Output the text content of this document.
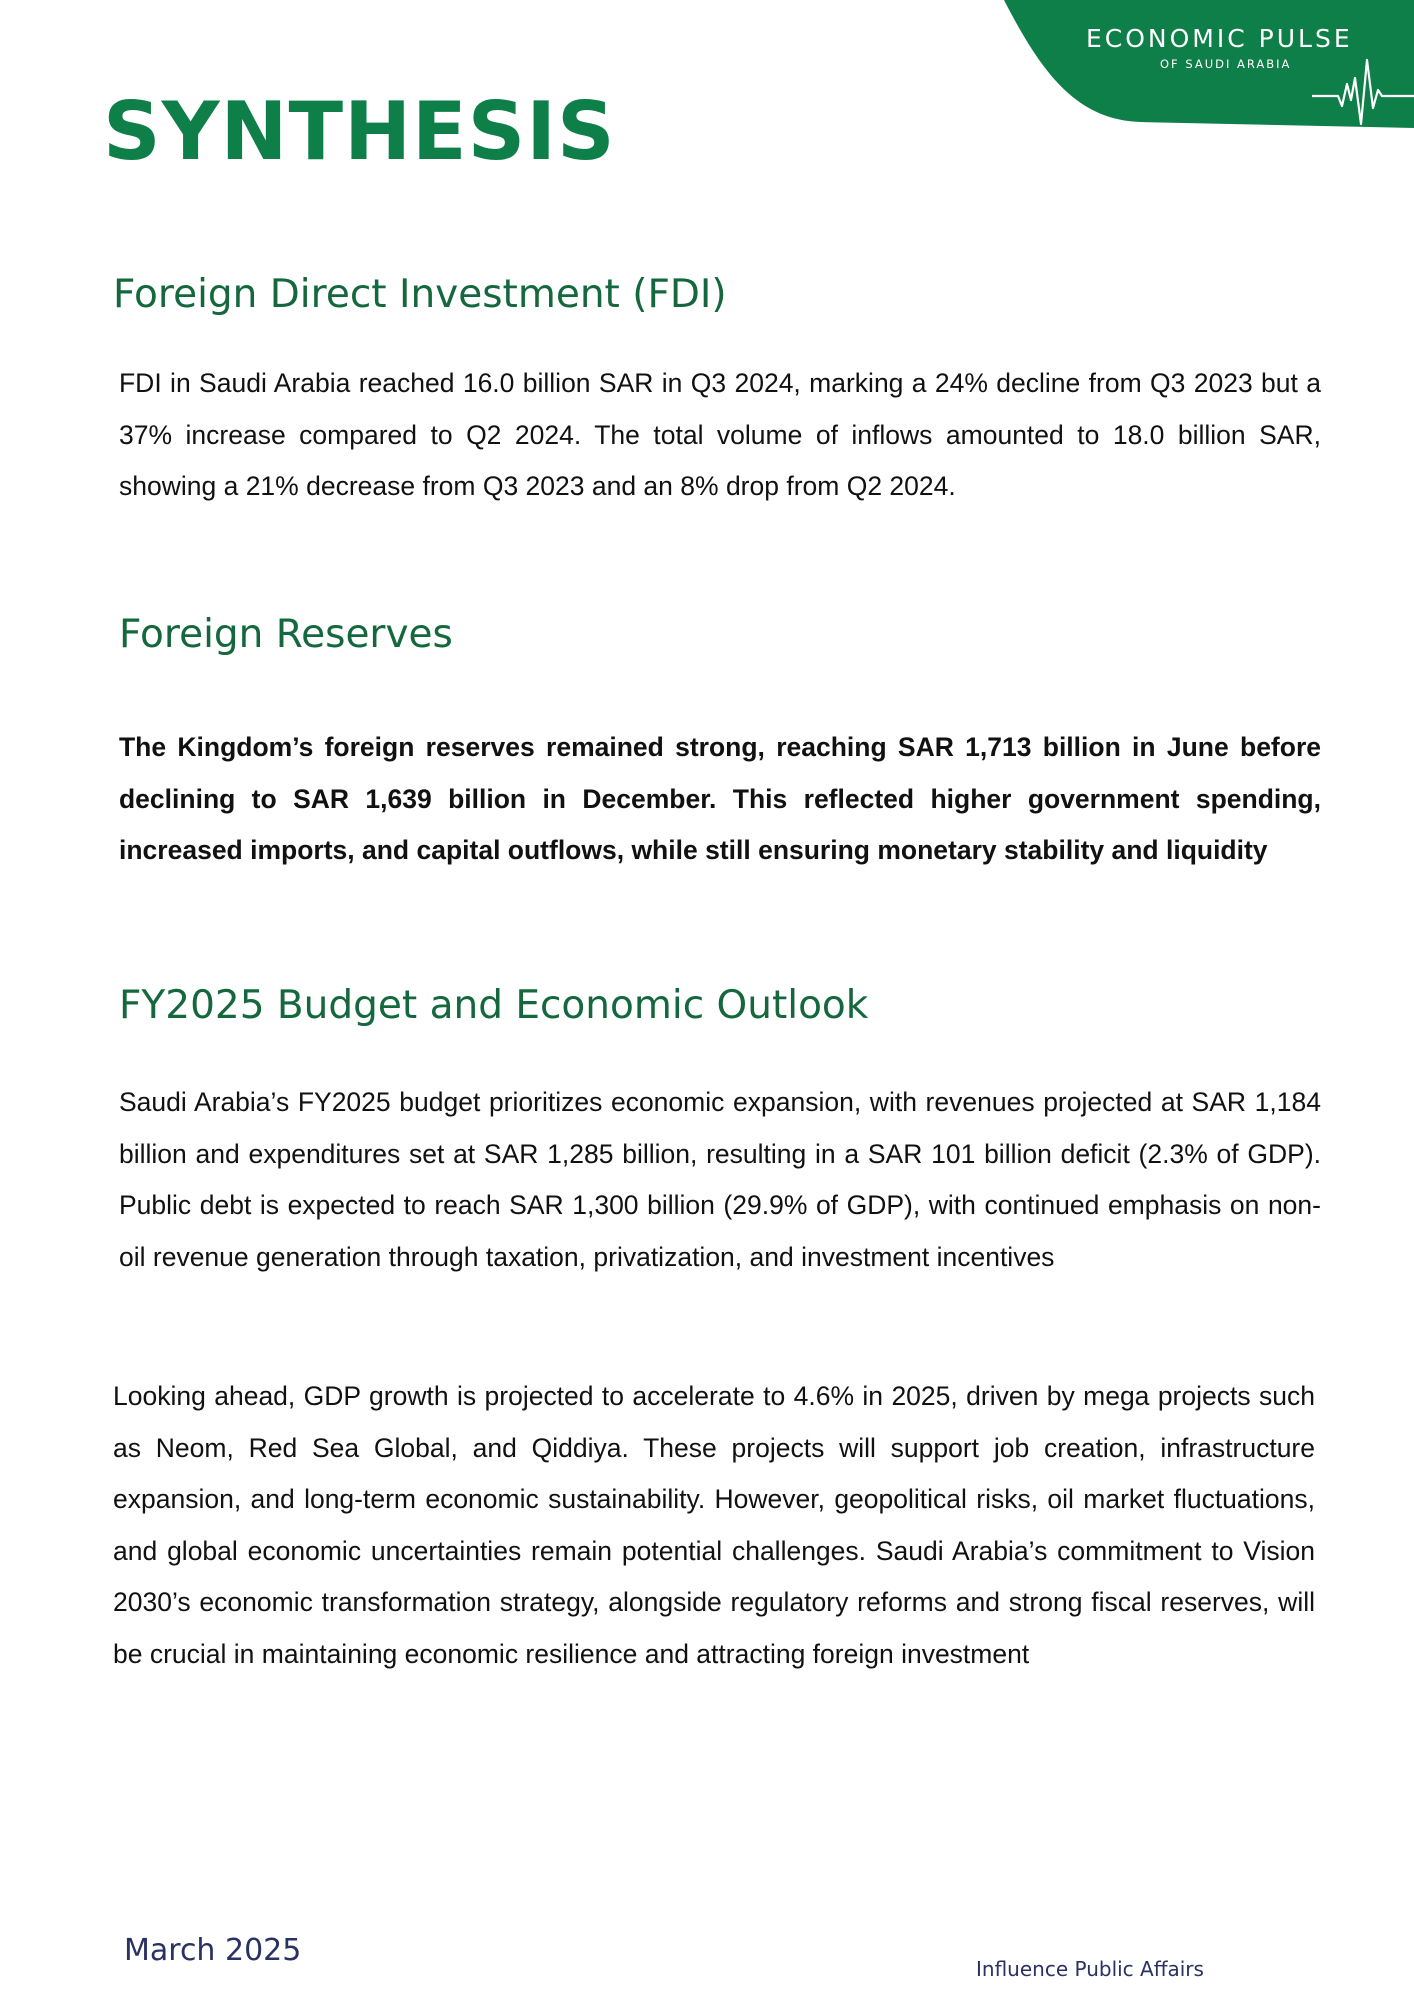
ECONOMIC PULSE
OF SAUDI ARABIA
SYNTHESIS
Foreign Direct Investment (FDI)

FDI in Saudi Arabia reached 16.0 billion SAR in Q3 2024, marking a 24% decline from Q3 2023 but a 37% increase compared to Q2 2024. The total volume of inflows amounted to 18.0 billion SAR, showing a 21% decrease from Q3 2023 and an 8% drop from Q2 2024.

Foreign Reserves

The Kingdom’s foreign reserves remained strong, reaching SAR 1,713 billion in June before declining to SAR 1,639 billion in December. This reflected higher government spending, increased imports, and capital outflows, while still ensuring monetary stability and liquidity

FY2025 Budget and Economic Outlook

Saudi Arabia’s FY2025 budget prioritizes economic expansion, with revenues projected at SAR 1,184 billion and expenditures set at SAR 1,285 billion, resulting in a SAR 101 billion deficit (2.3% of GDP). Public debt is expected to reach SAR 1,300 billion (29.9% of GDP), with continued emphasis on non-oil revenue generation through taxation, privatization, and investment incentives

Looking ahead, GDP growth is projected to accelerate to 4.6% in 2025, driven by mega projects such as Neom, Red Sea Global, and Qiddiya. These projects will support job creation, infrastructure expansion, and long-term economic sustainability. However, geopolitical risks, oil market fluctuations, and global economic uncertainties remain potential challenges. Saudi Arabia’s commitment to Vision 2030’s economic transformation strategy, alongside regulatory reforms and strong fiscal reserves, will be crucial in maintaining economic resilience and attracting foreign investment

March 2025
Influence Public Affairs
